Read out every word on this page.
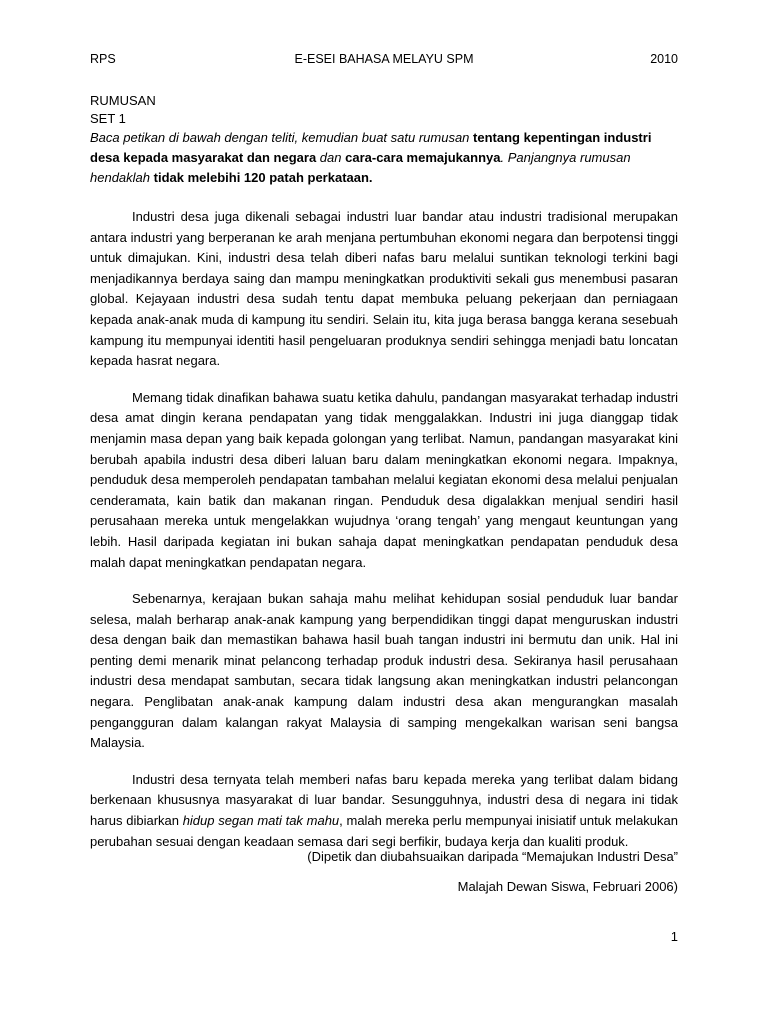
RPS	E-ESEI BAHASA MELAYU SPM	2010

RUMUSAN

SET 1

Baca petikan di bawah dengan teliti, kemudian buat satu rumusan tentang kepentingan industri desa kepada masyarakat dan negara dan cara-cara memajukannya. Panjangnya rumusan hendaklah tidak melebihi 120 patah perkataan.

Industri desa juga dikenali sebagai industri luar bandar atau industri tradisional merupakan antara industri yang berperanan ke arah menjana pertumbuhan ekonomi negara dan berpotensi tinggi untuk dimajukan. Kini, industri desa telah diberi nafas baru melalui suntikan teknologi terkini bagi menjadikannya berdaya saing dan mampu meningkatkan produktiviti sekali gus menembusi pasaran global. Kejayaan industri desa sudah tentu dapat membuka peluang pekerjaan dan perniagaan kepada anak-anak muda di kampung itu sendiri. Selain itu, kita juga berasa bangga kerana sesebuah kampung itu mempunyai identiti hasil pengeluaran produknya sendiri sehingga menjadi batu loncatan kepada hasrat negara.

Memang tidak dinafikan bahawa suatu ketika dahulu, pandangan masyarakat terhadap industri desa amat dingin kerana pendapatan yang tidak menggalakkan. Industri ini juga dianggap tidak menjamin masa depan yang baik kepada golongan yang terlibat. Namun, pandangan masyarakat kini berubah apabila industri desa diberi laluan baru dalam meningkatkan ekonomi negara. Impaknya, penduduk desa memperoleh pendapatan tambahan melalui kegiatan ekonomi desa melalui penjualan cenderamata, kain batik dan makanan ringan. Penduduk desa digalakkan menjual sendiri hasil perusahaan mereka untuk mengelakkan wujudnya ‘orang tengah’ yang mengaut keuntungan yang lebih. Hasil daripada kegiatan ini bukan sahaja dapat meningkatkan pendapatan penduduk desa malah dapat meningkatkan pendapatan negara.

Sebenarnya, kerajaan bukan sahaja mahu melihat kehidupan sosial penduduk luar bandar selesa, malah berharap anak-anak kampung yang berpendidikan tinggi dapat menguruskan industri desa dengan baik dan memastikan bahawa hasil buah tangan industri ini bermutu dan unik. Hal ini penting demi menarik minat pelancong terhadap produk industri desa. Sekiranya hasil perusahaan industri desa mendapat sambutan, secara tidak langsung akan meningkatkan industri pelancongan negara. Penglibatan anak-anak kampung dalam industri desa akan mengurangkan masalah pengangguran dalam kalangan rakyat Malaysia di samping mengekalkan warisan seni bangsa Malaysia.

Industri desa ternyata telah memberi nafas baru kepada mereka yang terlibat dalam bidang berkenaan khususnya masyarakat di luar bandar. Sesungguhnya, industri desa di negara ini tidak harus dibiarkan hidup segan mati tak mahu, malah mereka perlu mempunyai inisiatif untuk melakukan perubahan sesuai dengan keadaan semasa dari segi berfikir, budaya kerja dan kualiti produk.

(Dipetik dan diubahsuaikan daripada “Memajukan Industri Desa”

Malajah Dewan Siswa, Februari 2006)

1
